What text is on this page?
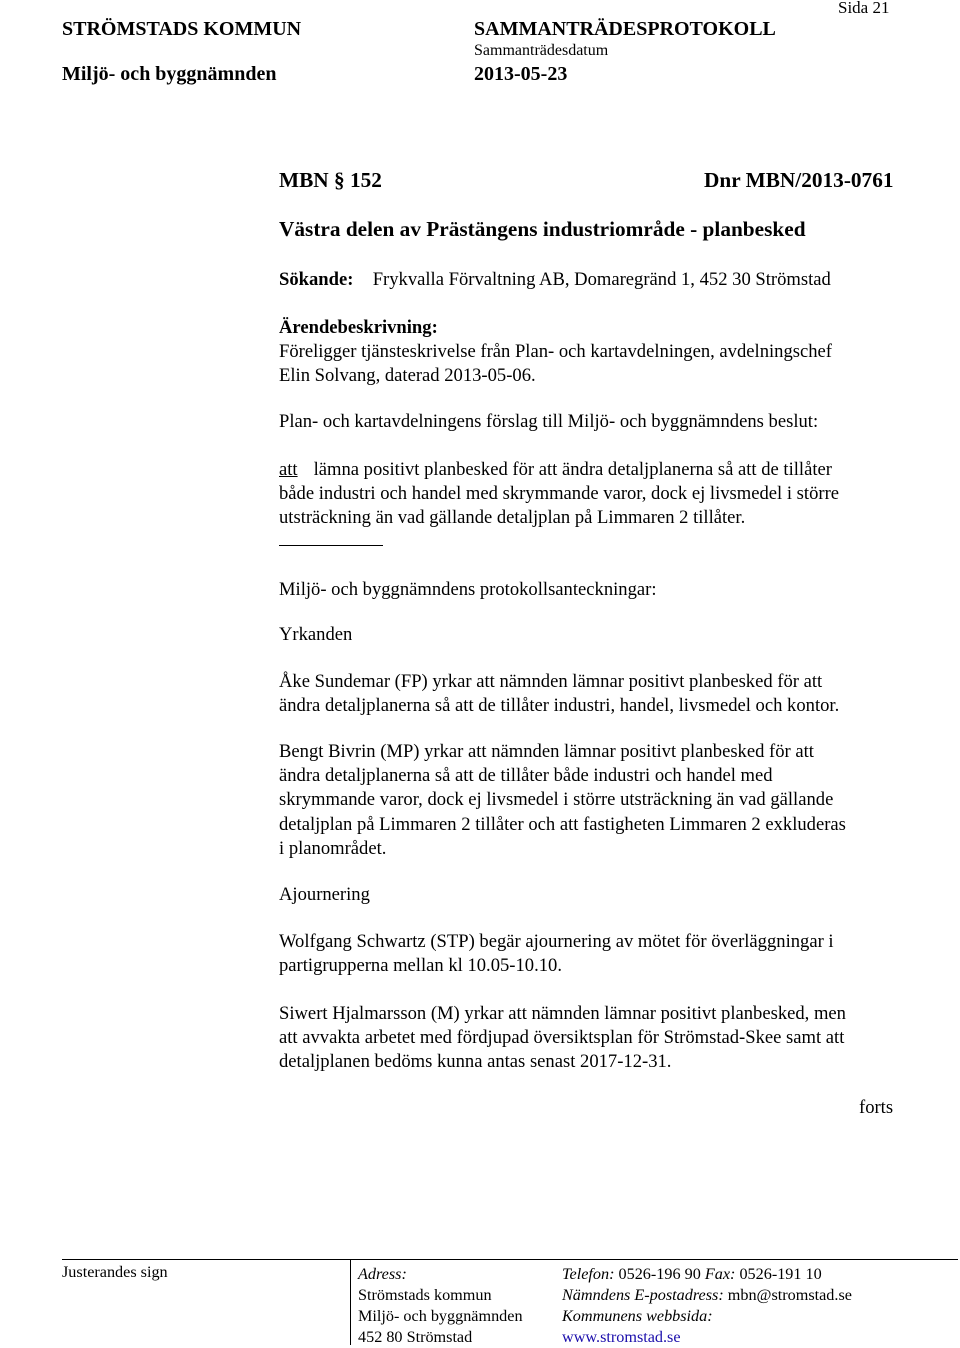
STRÖMSTADS KOMMUN	SAMMANTRÄDESPROTOKOLL
Sida 21
Sammanträdesdatum
Miljö- och byggnämnden	2013-05-23
MBN § 152	Dnr MBN/2013-0761
Västra delen av Prästängens industriområde - planbesked
Sökande: Frykvalla Förvaltning AB, Domaregränd 1, 452 30 Strömstad
Ärendebeskrivning:
Föreligger tjänsteskrivelse från Plan- och kartavdelningen, avdelningschef
Elin Solvang, daterad 2013-05-06.
Plan- och kartavdelningens förslag till Miljö- och byggnämndens beslut:
att lämna positivt planbesked för att ändra detaljplanerna så att de tillåter
både industri och handel med skrymmande varor, dock ej livsmedel i större
utsträckning än vad gällande detaljplan på Limmaren 2 tillåter.
Miljö- och byggnämndens protokollsanteckningar:
Yrkanden
Åke Sundemar (FP) yrkar att nämnden lämnar positivt planbesked för att
ändra detaljplanerna så att de tillåter industri, handel, livsmedel och kontor.
Bengt Bivrin (MP) yrkar att nämnden lämnar positivt planbesked för att
ändra detaljplanerna så att de tillåter både industri och handel med
skrymmande varor, dock ej livsmedel i större utsträckning än vad gällande
detaljplan på Limmaren 2 tillåter och att fastigheten Limmaren 2 exkluderas
i planområdet.
Ajournering
Wolfgang Schwartz (STP) begär ajournering av mötet för överläggningar i
partigrupperna mellan kl 10.05-10.10.
Siwert Hjalmarsson (M) yrkar att nämnden lämnar positivt planbesked, men
att avvakta arbetet med fördjupad översiktsplan för Strömstad-Skee samt att
detaljplanen bedöms kunna antas senast 2017-12-31.
forts
Justerandes sign	Adress:
Strömstads kommun
Miljö- och byggnämnden
452 80 Strömstad
Telefon: 0526-196 90 Fax: 0526-191 10
Nämndens E-postadress: mbn@stromstad.se
Kommunens webbsida:
www.stromstad.se
